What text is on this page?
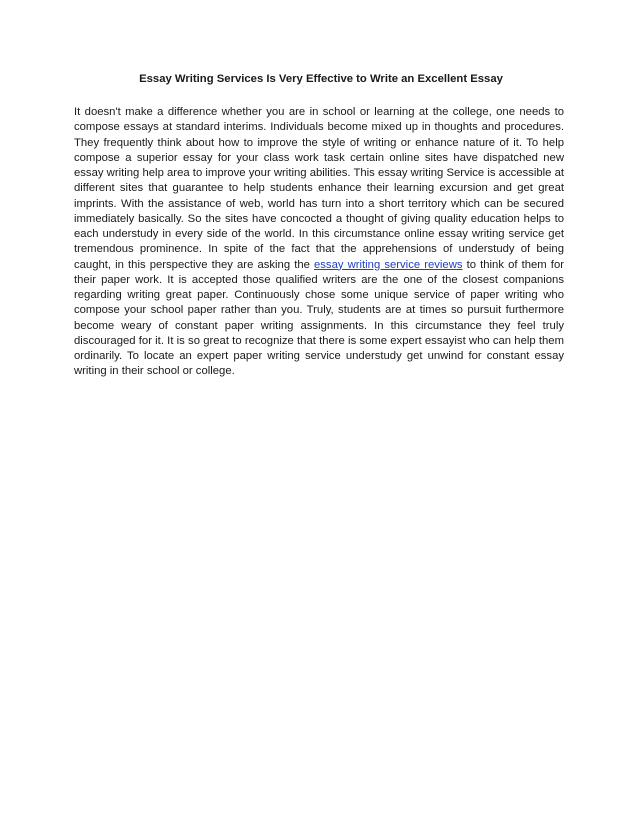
Essay Writing Services Is Very Effective to Write an Excellent Essay

It doesn't make a difference whether you are in school or learning at the college, one needs to compose essays at standard interims. Individuals become mixed up in thoughts and procedures. They frequently think about how to improve the style of writing or enhance nature of it. To help compose a superior essay for your class work task certain online sites have dispatched new essay writing help area to improve your writing abilities. This essay writing Service is accessible at different sites that guarantee to help students enhance their learning excursion and get great imprints. With the assistance of web, world has turn into a short territory which can be secured immediately basically. So the sites have concocted a thought of giving quality education helps to each understudy in every side of the world. In this circumstance online essay writing service get tremendous prominence. In spite of the fact that the apprehensions of understudy of being caught, in this perspective they are asking the essay writing service reviews to think of them for their paper work. It is accepted those qualified writers are the one of the closest companions regarding writing great paper. Continuously chose some unique service of paper writing who compose your school paper rather than you. Truly, students are at times so pursuit furthermore become weary of constant paper writing assignments. In this circumstance they feel truly discouraged for it. It is so great to recognize that there is some expert essayist who can help them ordinarily. To locate an expert paper writing service understudy get unwind for constant essay writing in their school or college.
